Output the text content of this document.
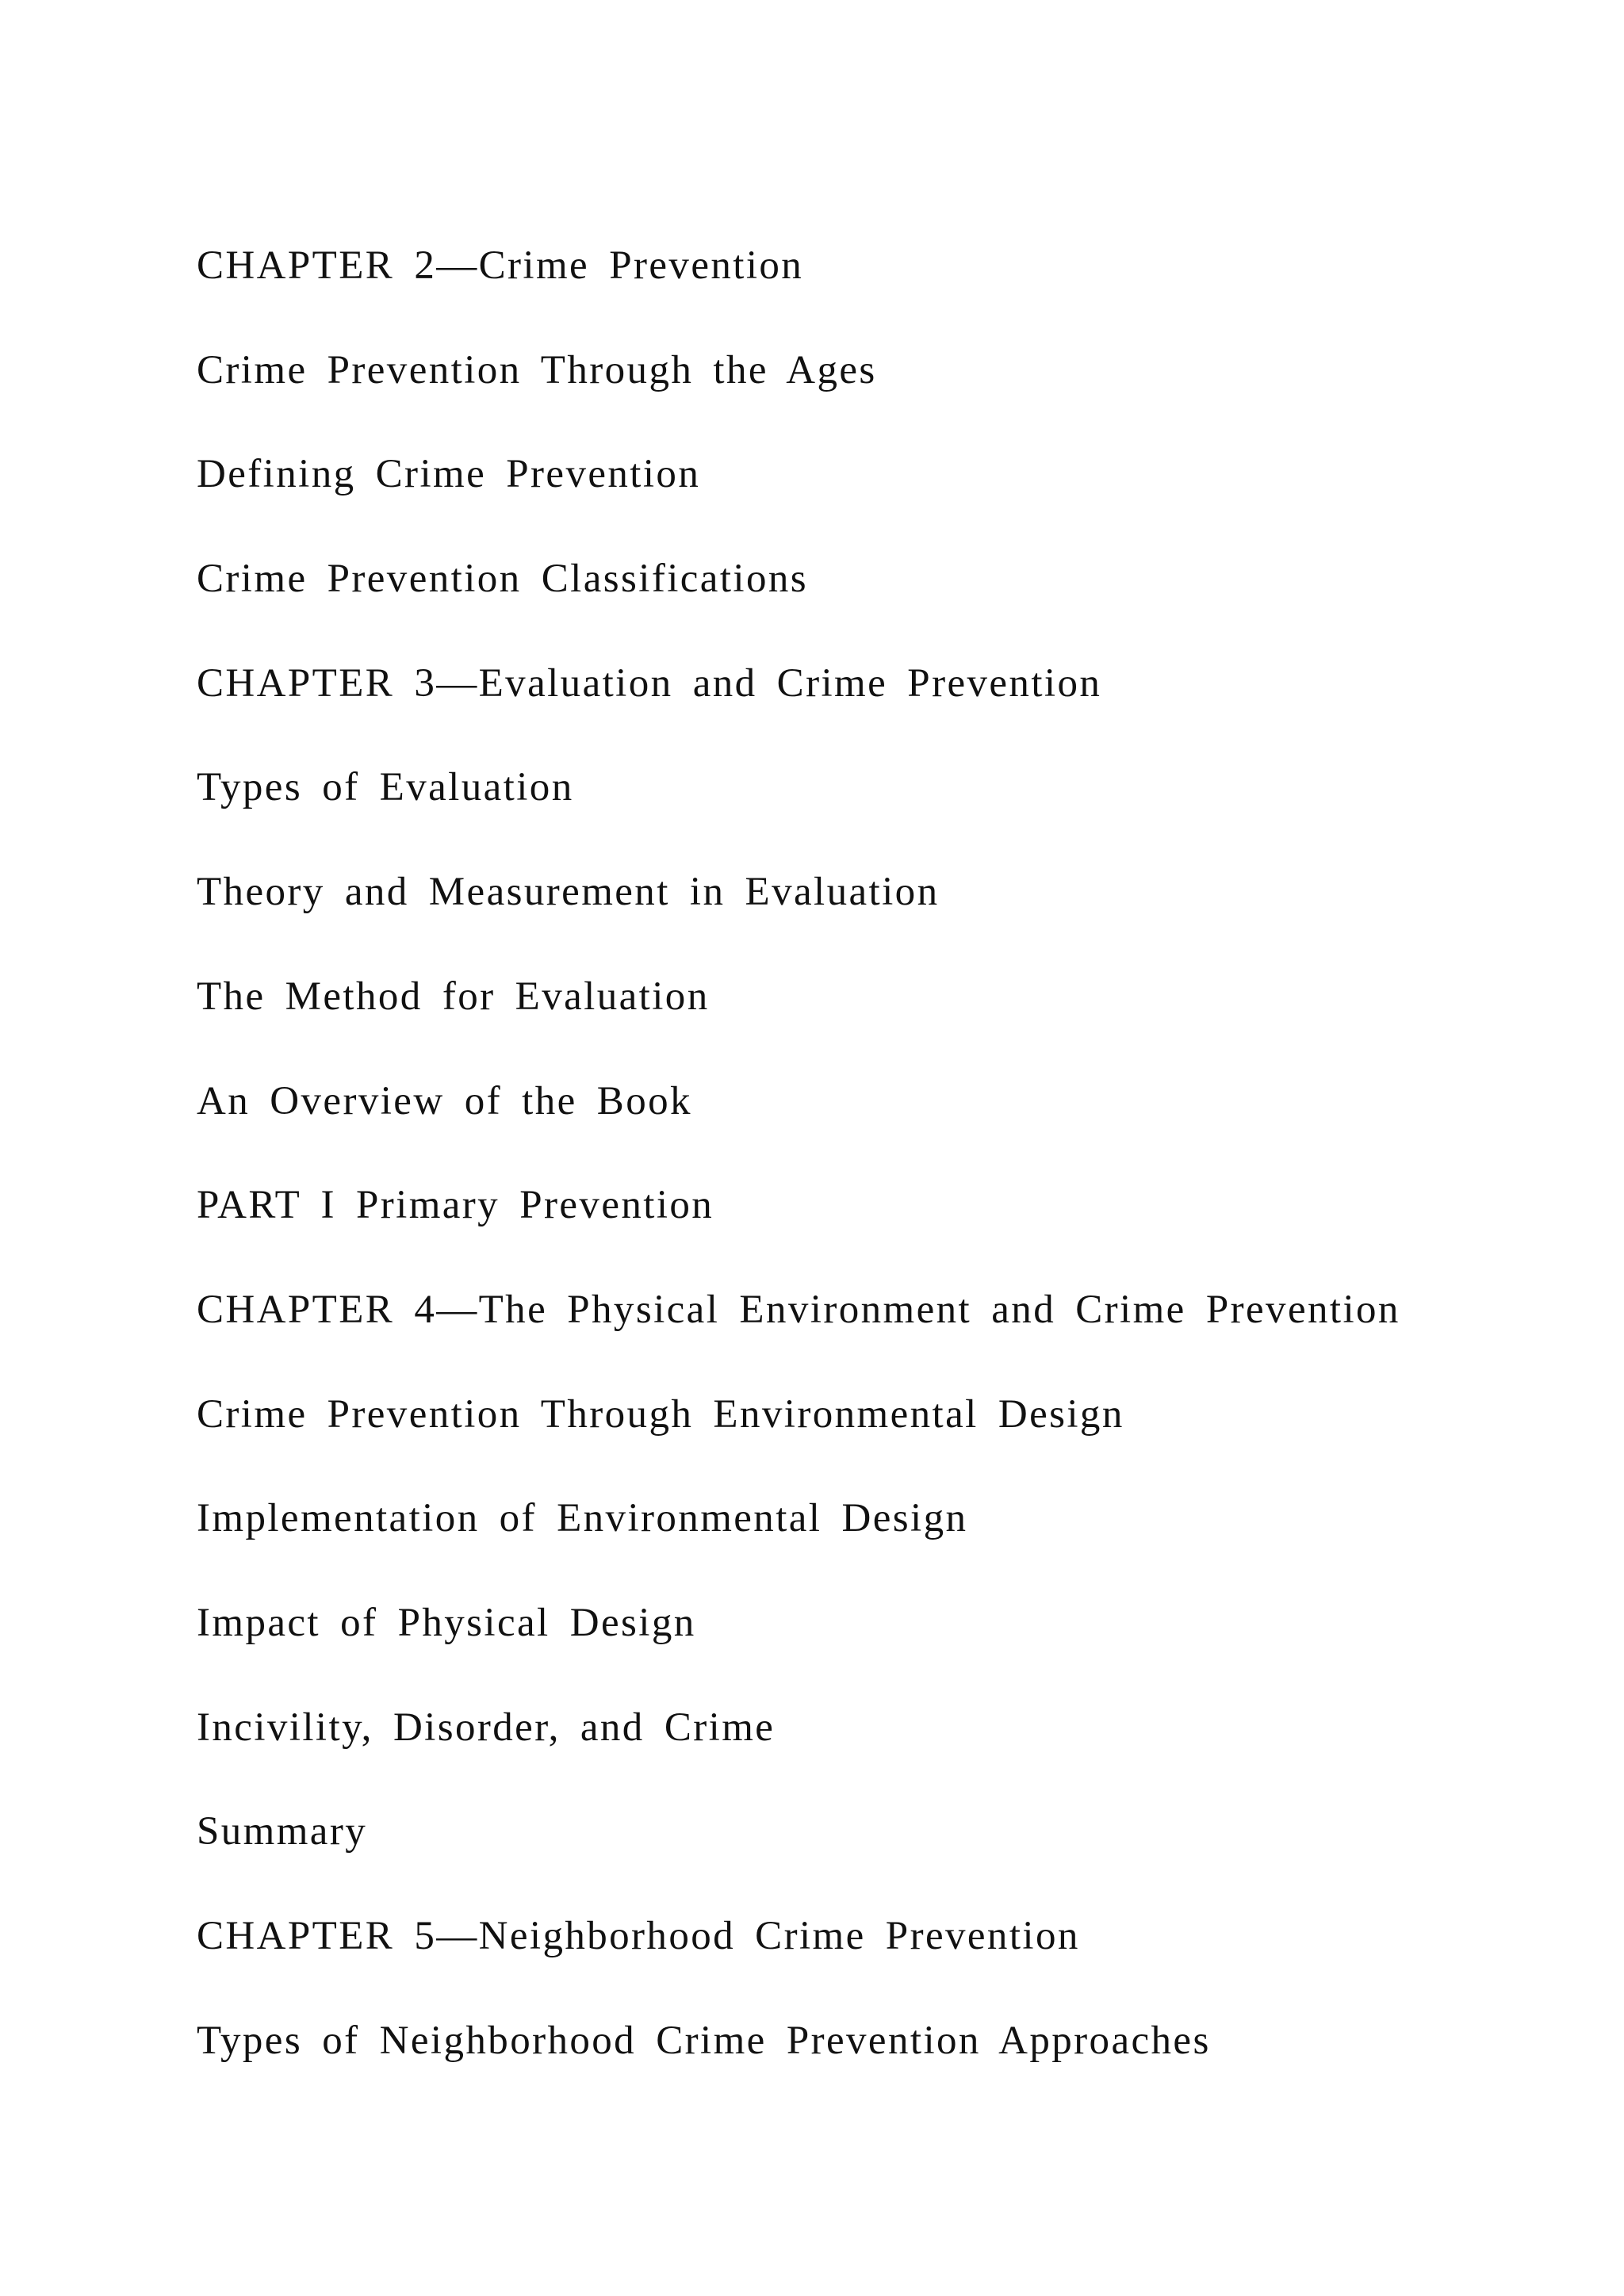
CHAPTER 2—Crime Prevention
Crime Prevention Through the Ages
Defining Crime Prevention
Crime Prevention Classifications
CHAPTER 3—Evaluation and Crime Prevention
Types of Evaluation
Theory and Measurement in Evaluation
The Method for Evaluation
An Overview of the Book
PART I Primary Prevention
CHAPTER 4—The Physical Environment and Crime Prevention
Crime Prevention Through Environmental Design
Implementation of Environmental Design
Impact of Physical Design
Incivility, Disorder, and Crime
Summary
CHAPTER 5—Neighborhood Crime Prevention
Types of Neighborhood Crime Prevention Approaches
